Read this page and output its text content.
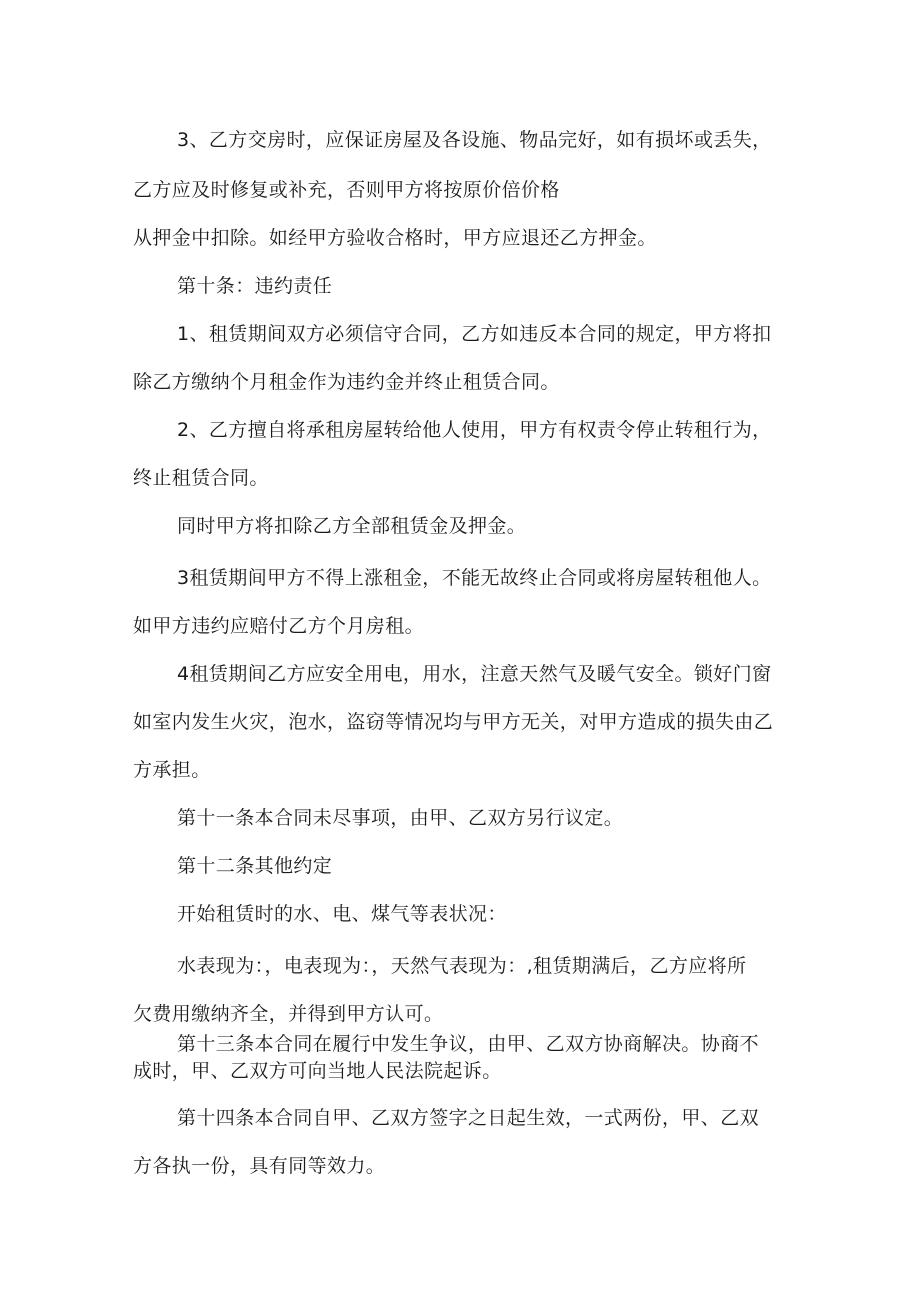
3、乙方交房时，应保证房屋及各设施、物品完好，如有损坏或丢失，
乙方应及时修复或补充，否则甲方将按原价倍价格
从押金中扣除。如经甲方验收合格时，甲方应退还乙方押金。
第十条：违约责任
1、租赁期间双方必须信守合同，乙方如违反本合同的规定，甲方将扣
除乙方缴纳个月租金作为违约金并终止租赁合同。
2、乙方擅自将承租房屋转给他人使用，甲方有权责令停止转租行为，
终止租赁合同。
同时甲方将扣除乙方全部租赁金及押金。
3租赁期间甲方不得上涨租金，不能无故终止合同或将房屋转租他人。
如甲方违约应赔付乙方个月房租。
4租赁期间乙方应安全用电，用水，注意天然气及暖气安全。锁好门窗
如室内发生火灾，泡水，盗窃等情况均与甲方无关，对甲方造成的损失由乙
方承担。
第十一条本合同未尽事项，由甲、乙双方另行议定。
第十二条其他约定
开始租赁时的水、电、煤气等表状况：
水表现为：，电表现为：，天然气表现为：,租赁期满后，乙方应将所
欠费用缴纳齐全，并得到甲方认可。
第十三条本合同在履行中发生争议，由甲、乙双方协商解决。协商不
成时，甲、乙双方可向当地人民法院起诉。
第十四条本合同自甲、乙双方签字之日起生效，一式两份，甲、乙双
方各执一份，具有同等效力。
